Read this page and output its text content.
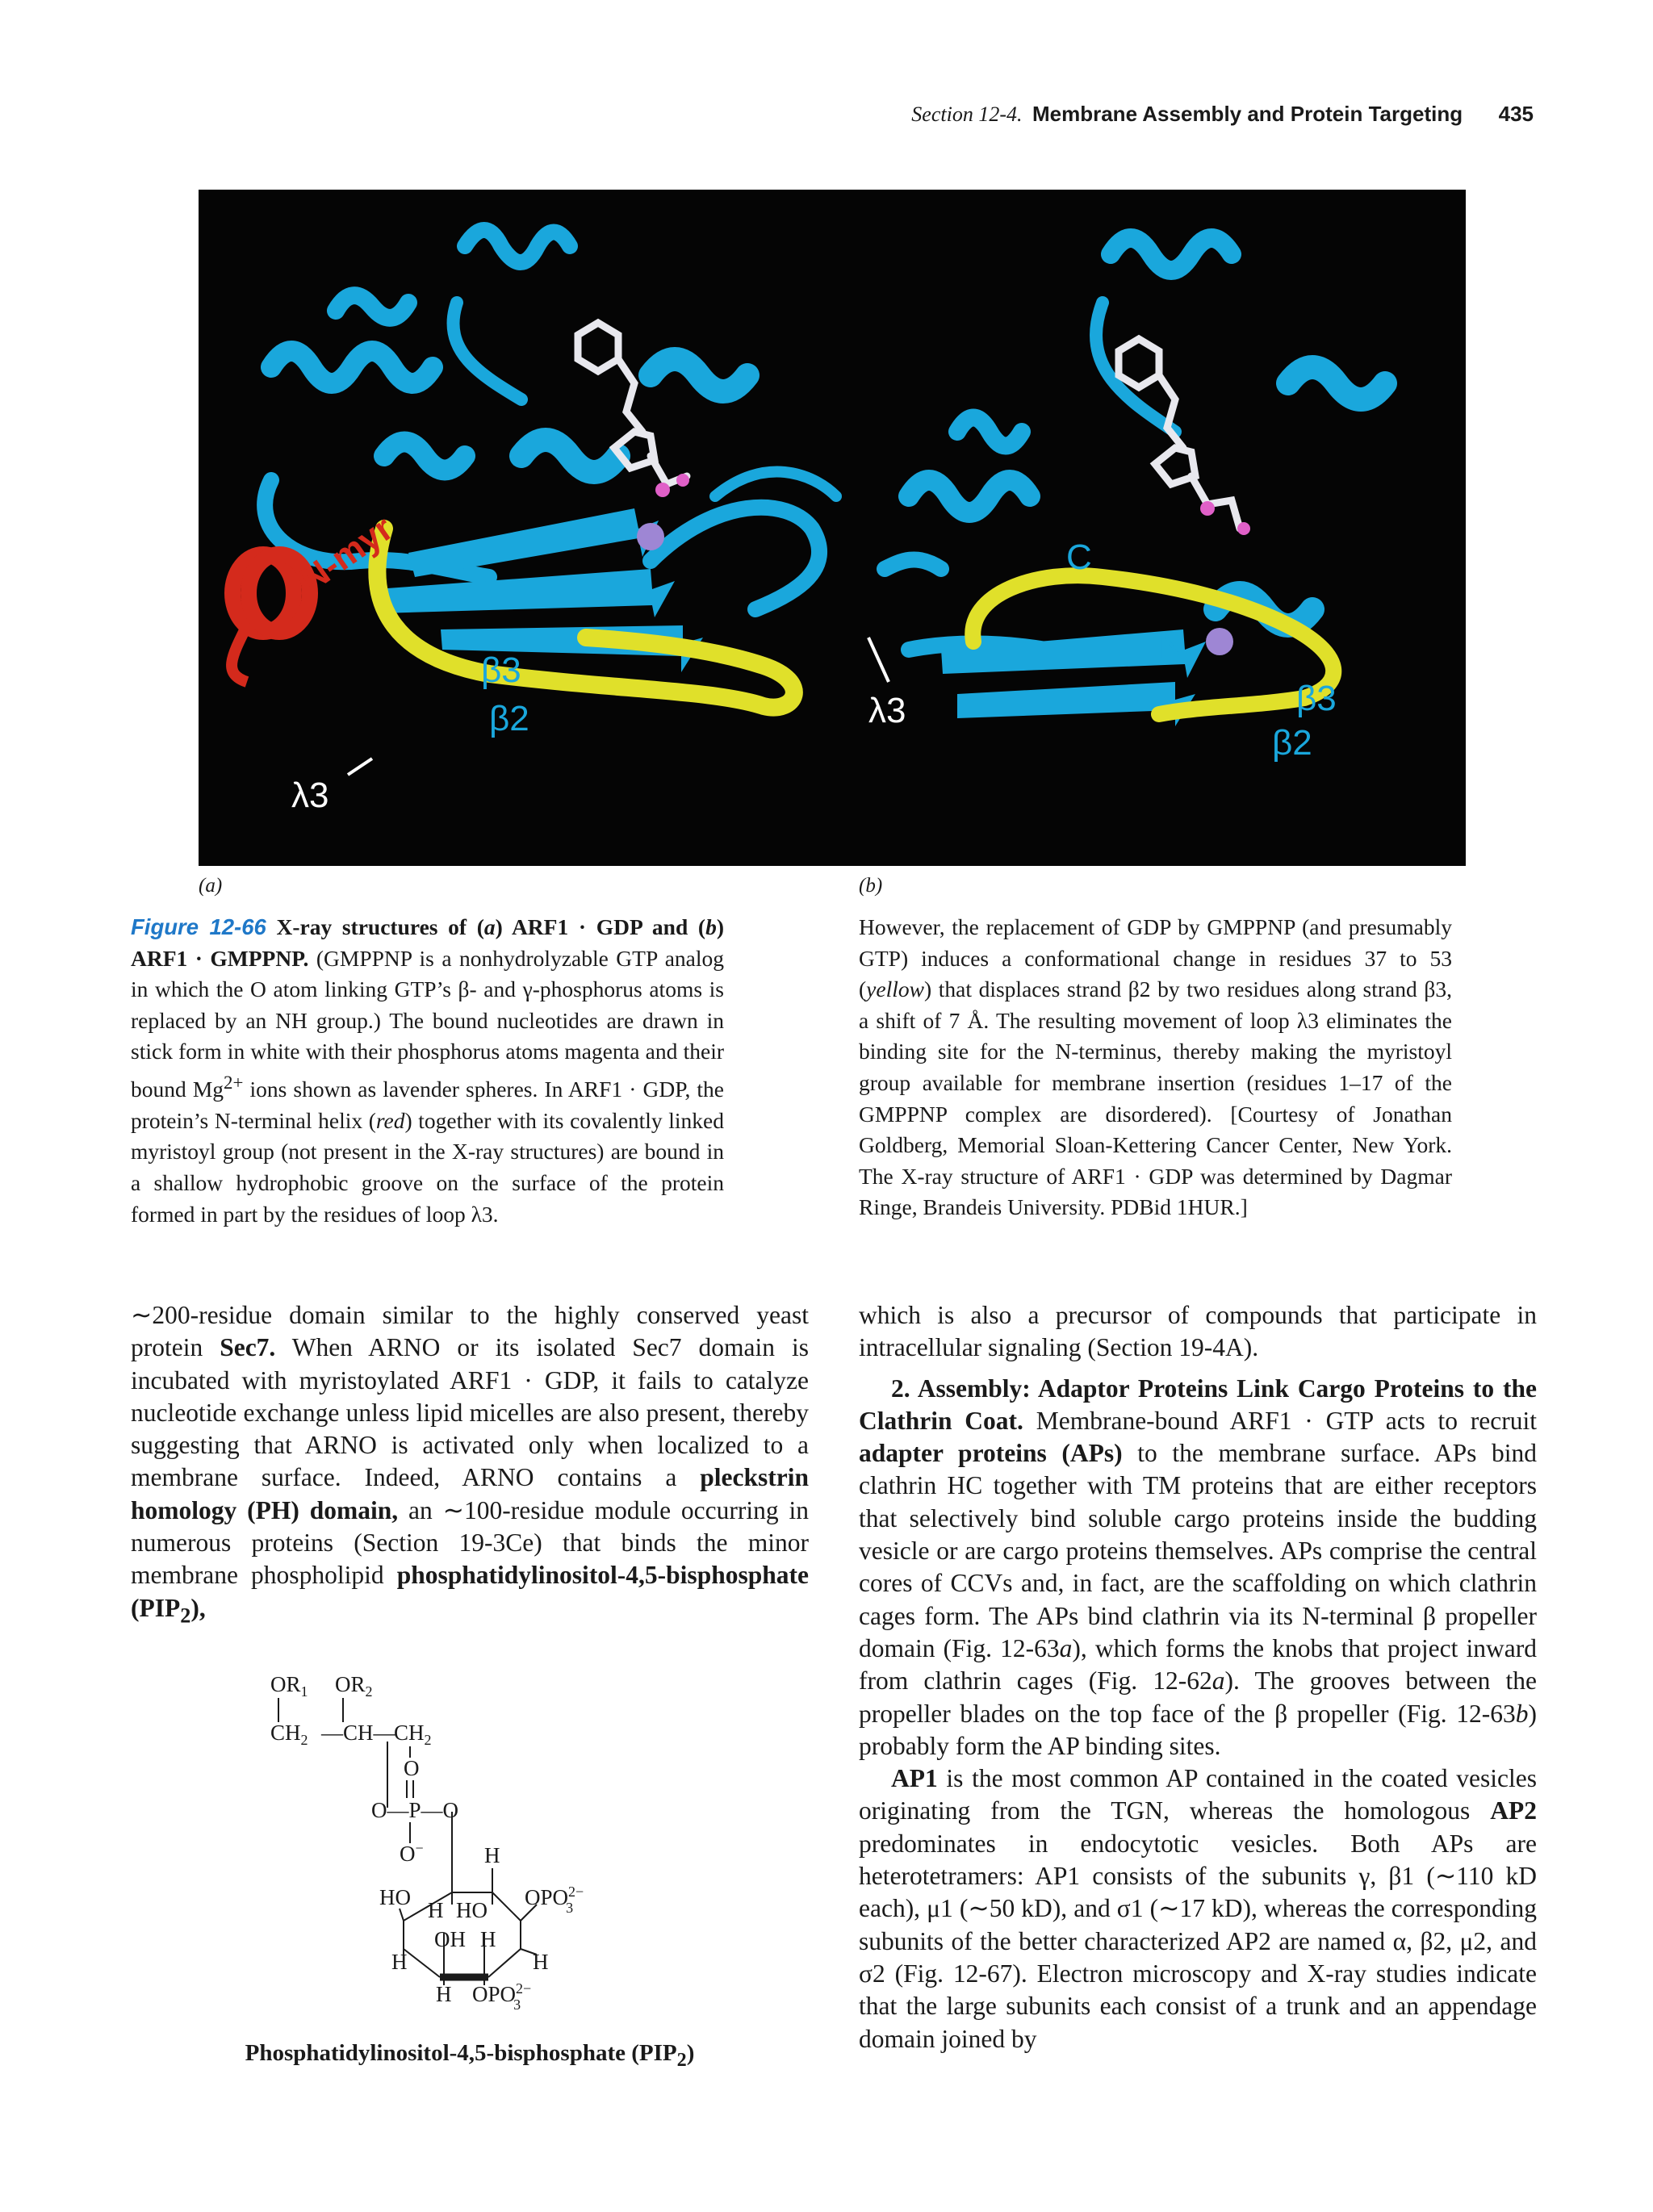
Section 12-4. Membrane Assembly and Protein Targeting 435
N-myr
β3
β2
λ3
C
N
λ3	β3
β2
(a)	(b)
Figure 12-66 X-ray structures of (a) ARF1 · GDP and (b) ARF1 · GMPPNP. (GMPPNP is a nonhydrolyzable GTP analog in which the O atom linking GTP’s β- and γ-phosphorus atoms is replaced by an NH group.) The bound nucleotides are drawn in stick form in white with their phosphorus atoms magenta and their bound $Mg^{2+}$ ions shown as lavender spheres. In ARF1 · GDP, the protein’s N-terminal helix (red) together with its covalently linked myristoyl group (not present in the X-ray structures) are bound in a shallow hydrophobic groove on the surface of the protein formed in part by the residues of loop λ3.
However, the replacement of GDP by GMPPNP (and presumably GTP) induces a conformational change in residues 37 to 53 (yellow) that displaces strand β2 by two residues along strand β3, a shift of 7 Å. The resulting movement of loop λ3 eliminates the binding site for the N-terminus, thereby making the myristoyl group available for membrane insertion (residues 1–17 of the GMPPNP complex are disordered). [Courtesy of Jonathan Goldberg, Memorial Sloan-Kettering Cancer Center, New York. The X-ray structure of ARF1 · GDP was determined by Dagmar Ringe, Brandeis University. PDBid 1HUR.]

∼200-residue domain similar to the highly conserved yeast protein Sec7. When ARNO or its isolated Sec7 domain is incubated with myristoylated ARF1 · GDP, it fails to catalyze nucleotide exchange unless lipid micelles are also present, thereby suggesting that ARNO is activated only when localized to a membrane surface. Indeed, ARNO contains a pleckstrin homology (PH) domain, an ∼100-residue module occurring in numerous proteins (Section 19-3Ce) that binds the minor membrane phospholipid phosphatidylinositol-4,5-bisphosphate $(PIP_2)$,

$OR_1$ $OR_2$
$CH_2$ —CH—
$CH_2$
O
O—P—O
O−	H
HO
H HO
$OPO^{2-}$ 3
OH H
H	H
H $OPO^{2-}$ 3
Phosphatidylinositol-4,5-bisphosphate $(PIP_2)$

which is also a precursor of compounds that participate in intracellular signaling (Section 19-4A).

2. Assembly: Adaptor Proteins Link Cargo Proteins to the Clathrin Coat. Membrane-bound ARF1 · GTP acts to recruit adapter proteins (APs) to the membrane surface. APs bind clathrin HC together with TM proteins that are either receptors that selectively bind soluble cargo proteins inside the budding vesicle or are cargo proteins themselves. APs comprise the central cores of CCVs and, in fact, are the scaffolding on which clathrin cages form. The APs bind clathrin via its N-terminal β propeller domain (Fig. 12-63a), which forms the knobs that project inward from clathrin cages (Fig. 12-62a). The grooves between the propeller blades on the top face of the β propeller (Fig. 12-63b) probably form the AP binding sites.

AP1 is the most common AP contained in the coated vesicles originating from the TGN, whereas the homologous AP2 predominates in endocytotic vesicles. Both APs are heterotetramers: AP1 consists of the subunits γ, β1 (∼110 kD each), μ1 (∼50 kD), and σ1 (∼17 kD), whereas the corresponding subunits of the better characterized AP2 are named α, β2, μ2, and σ2 (Fig. 12-67). Electron microscopy and X-ray studies indicate that the large subunits each consist of a trunk and an appendage domain joined by
